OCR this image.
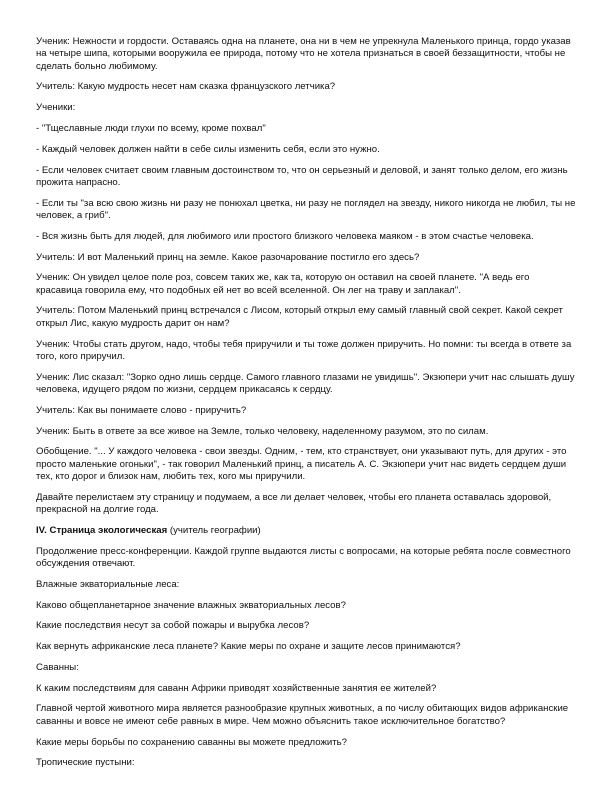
Ученик: Нежности и гордости. Оставаясь одна на планете, она ни в чем не упрекнула Маленького принца, гордо указав на четыре шипа, которыми вооружила ее природа, потому что не хотела признаться в своей беззащитности, чтобы не сделать больно любимому.

Учитель: Какую мудрость несет нам сказка французского летчика?

Ученики:

- "Тщеславные люди глухи по всему, кроме похвал"

- Каждый человек должен найти в себе силы изменить себя, если это нужно.

- Если человек считает своим главным достоинством то, что он серьезный и деловой, и занят только делом, его жизнь прожита напрасно.

- Если ты "за всю свою жизнь ни разу не понюхал цветка, ни разу не поглядел на звезду, никого никогда не любил, ты не человек, а гриб".

- Вся жизнь быть для людей, для любимого или простого близкого человека маяком - в этом счастье человека.

Учитель: И вот Маленький принц на земле. Какое разочарование постигло его здесь?

Ученик: Он увидел целое поле роз, совсем таких же, как та, которую он оставил на своей планете. "А ведь его красавица говорила ему, что подобных ей нет во всей вселенной. Он лег на траву и заплакал".

Учитель: Потом Маленький принц встречался с Лисом, который открыл ему самый главный свой секрет. Какой секрет открыл Лис, какую мудрость дарит он нам?

Ученик: Чтобы стать другом, надо, чтобы тебя приручили и ты тоже должен приручить. Но помни: ты всегда в ответе за того, кого приручил.

Ученик: Лис сказал: "Зорко одно лишь сердце. Самого главного глазами не увидишь". Экзюпери учит нас слышать душу человека, идущего рядом по жизни, сердцем прикасаясь к сердцу.

Учитель: Как вы понимаете слово - приручить?

Ученик: Быть в ответе за все живое на Земле, только человеку, наделенному разумом, это по силам.

Обобщение. "... У каждого человека - свои звезды. Одним, - тем, кто странствует, они указывают путь, для других - это просто маленькие огоньки", - так говорил Маленький принц, а писатель А. С. Экзюпери учит нас видеть сердцем души тех, кто дорог и близок нам, любить тех, кого мы приручили.

Давайте перелистаем эту страницу и подумаем, а все ли делает человек, чтобы его планета оставалась здоровой, прекрасной на долгие года.

IV. Страница экологическая (учитель географии)

Продолжение пресс-конференции. Каждой группе выдаются листы с вопросами, на которые ребята после совместного обсуждения отвечают.

Влажные экваториальные леса:

Каково общепланетарное значение влажных экваториальных лесов?

Какие последствия несут за собой пожары и вырубка лесов?

Как вернуть африканские леса планете? Какие меры по охране и защите лесов принимаются?

Саванны:

К каким последствиям для саванн Африки приводят хозяйственные занятия ее жителей?

Главной чертой животного мира является разнообразие крупных животных, а по числу обитающих видов африканские саванны и вовсе не имеют себе равных в мире. Чем можно объяснить такое исключительное богатство?

Какие меры борьбы по сохранению саванны вы можете предложить?

Тропические пустыни:
